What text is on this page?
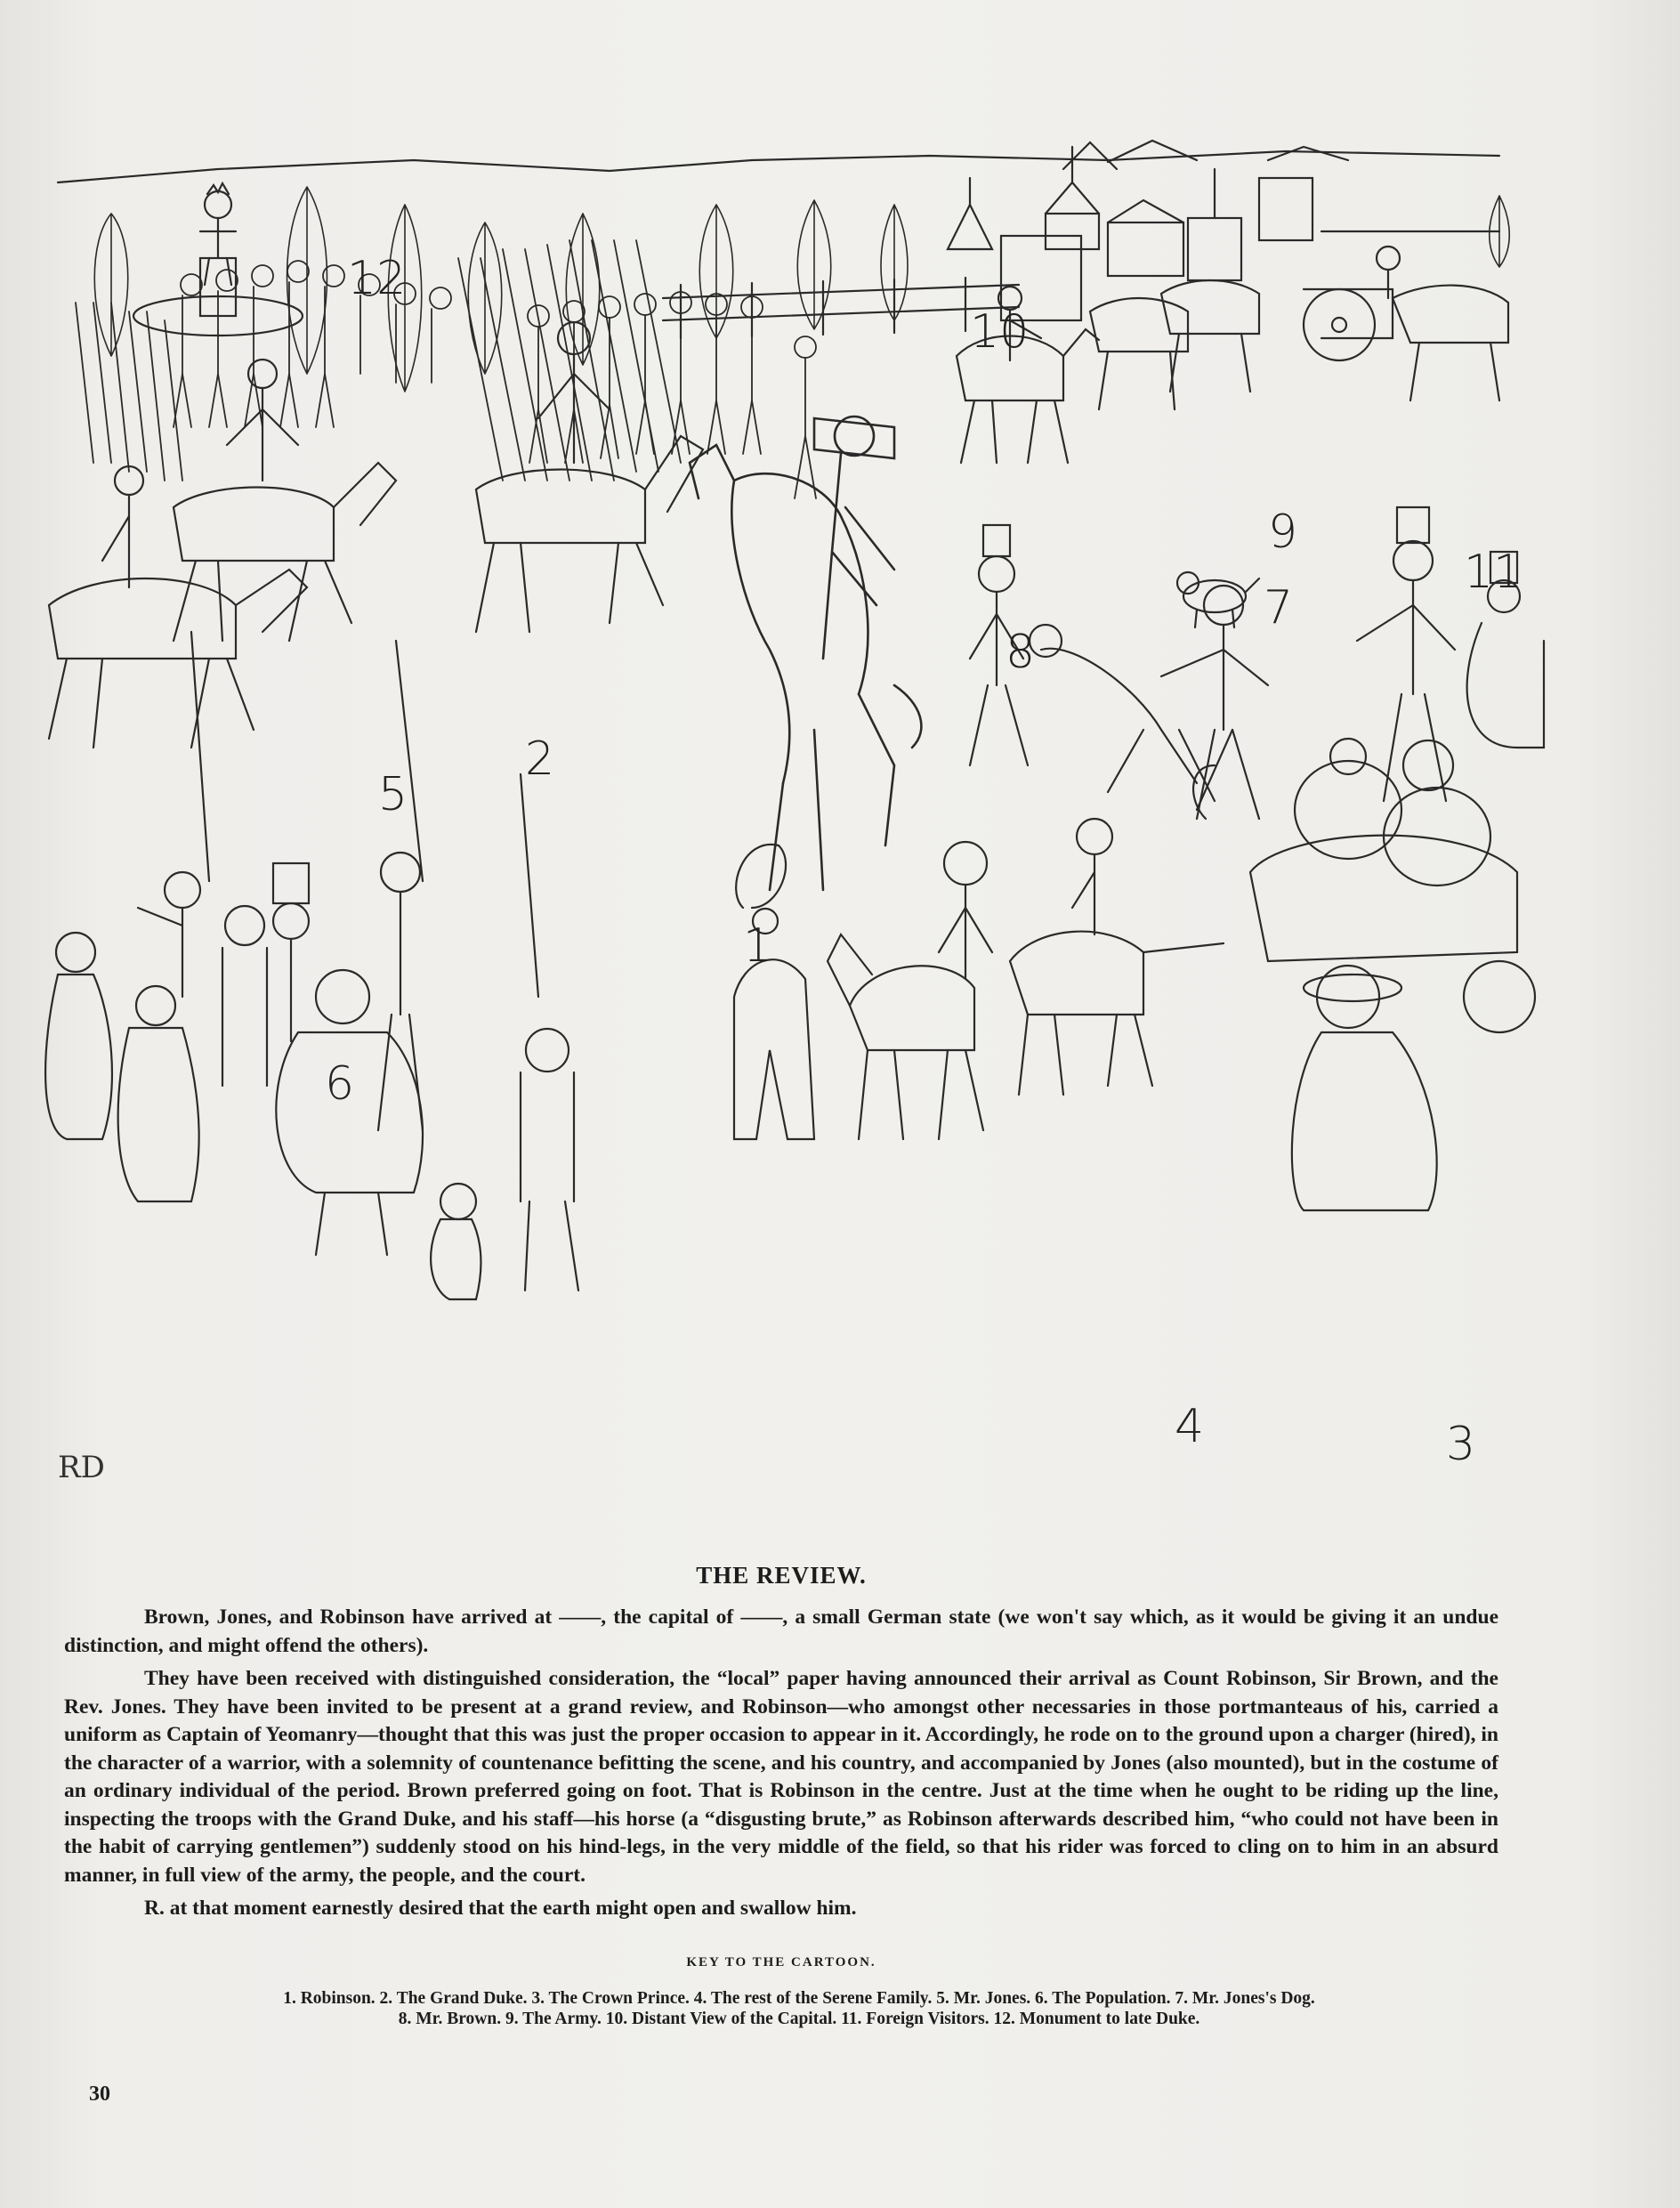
RD
1
2
3
4
5
6
7
8
9
10
11
12
THE REVIEW.

Brown, Jones, and Robinson have arrived at ——, the capital of ——, a small German state (we won't say which, as it would be giving it an undue distinction, and might offend the others).

They have been received with distinguished consideration, the “local” paper having announced their arrival as Count Robinson, Sir Brown, and the Rev. Jones. They have been invited to be present at a grand review, and Robinson—who amongst other necessaries in those portmanteaus of his, carried a uniform as Captain of Yeomanry—thought that this was just the proper occasion to appear in it. Accordingly, he rode on to the ground upon a charger (hired), in the character of a warrior, with a solemnity of countenance befitting the scene, and his country, and accompanied by Jones (also mounted), but in the costume of an ordinary individual of the period. Brown preferred going on foot. That is Robinson in the centre. Just at the time when he ought to be riding up the line, inspecting the troops with the Grand Duke, and his staff—his horse (a “disgusting brute,” as Robinson afterwards described him, “who could not have been in the habit of carrying gentlemen”) suddenly stood on his hind-legs, in the very middle of the field, so that his rider was forced to cling on to him in an absurd manner, in full view of the army, the people, and the court.

R. at that moment earnestly desired that the earth might open and swallow him.

KEY TO THE CARTOON.
1. Robinson. 2. The Grand Duke. 3. The Crown Prince. 4. The rest of the Serene Family. 5. Mr. Jones. 6. The Population. 7. Mr. Jones's Dog.
8. Mr. Brown. 9. The Army. 10. Distant View of the Capital. 11. Foreign Visitors. 12. Monument to late Duke.
30
